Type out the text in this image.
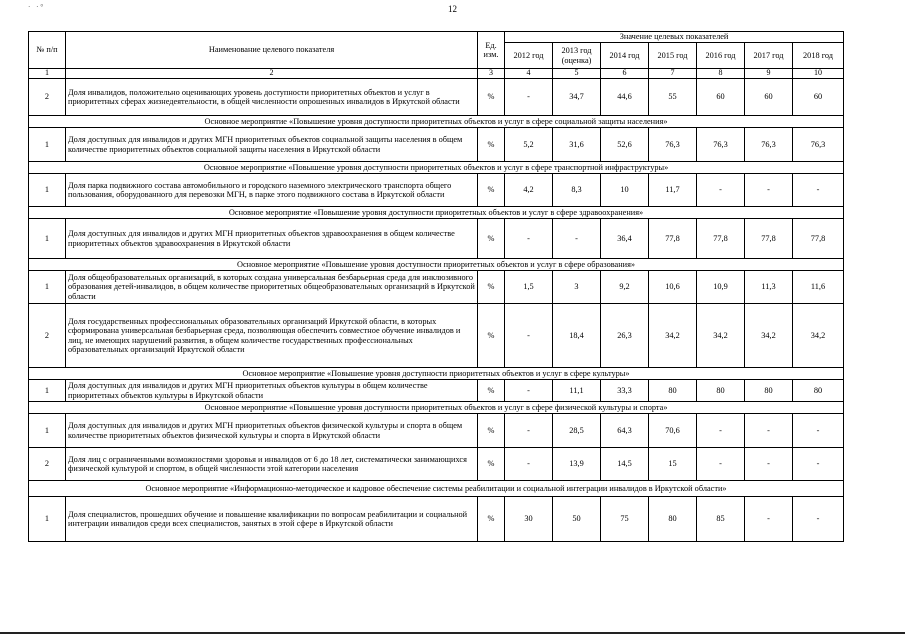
· ·°	12
№ п/п	Наименование целевого показателя	Ед. изм.	Значение целевых показателей						
			2012 год	2013 год (оценка)	2014 год	2015 год	2016 год	2017 год	2018 год
1	2	3	4	5	6	7	8	9	10
2	Доля инвалидов, положительно оценивающих уровень доступности приоритетных объектов и услуг в приоритетных сферах жизнедеятельности, в общей численности опрошенных инвалидов в Иркутской области	%	-	34,7	44,6	55	60	60	60
Основное мероприятие «Повышение уровня доступности приоритетных объектов и услуг в сфере социальной защиты населения»									
1	Доля доступных для инвалидов и других МГН приоритетных объектов социальной защиты населения в общем количестве приоритетных объектов социальной защиты населения в Иркутской области	%	5,2	31,6	52,6	76,3	76,3	76,3	76,3
Основное мероприятие «Повышение уровня доступности приоритетных объектов и услуг в сфере транспортной инфраструктуры»									
1	Доля парка подвижного состава автомобильного и городского наземного электрического транспорта общего пользования, оборудованного для перевозки МГН, в парке этого подвижного состава в Иркутской области	%	4,2	8,3	10	11,7	-	-	-
Основное мероприятие «Повышение уровня доступности приоритетных объектов и услуг в сфере здравоохранения»									
1	Доля доступных для инвалидов и других МГН приоритетных объектов здравоохранения в общем количестве приоритетных объектов здравоохранения в Иркутской области	%	-	-	36,4	77,8	77,8	77,8	77,8
Основное мероприятие «Повышение уровня доступности приоритетных объектов и услуг в сфере образования»									
1	Доля общеобразовательных организаций, в которых создана универсальная безбарьерная среда для инклюзивного образования детей-инвалидов, в общем количестве приоритетных общеобразовательных организаций в Иркутской области	%	1,5	3	9,2	10,6	10,9	11,3	11,6
2	Доля государственных профессиональных образовательных организаций Иркутской области, в которых сформирована универсальная безбарьерная среда, позволяющая обеспечить совместное обучение инвалидов и лиц, не имеющих нарушений развития, в общем количестве государственных профессиональных образовательных организаций Иркутской области	%	-	18,4	26,3	34,2	34,2	34,2	34,2
Основное мероприятие «Повышение уровня доступности приоритетных объектов и услуг в сфере культуры»									
1	Доля доступных для инвалидов и других МГН приоритетных объектов культуры в общем количестве приоритетных объектов культуры в Иркутской области	%	-	11,1	33,3	80	80	80	80
Основное мероприятие «Повышение уровня доступности приоритетных объектов и услуг в сфере физической культуры и спорта»									
1	Доля доступных для инвалидов и других МГН приоритетных объектов физической культуры и спорта в общем количестве приоритетных объектов физической культуры и спорта в Иркутской области	%	-	28,5	64,3	70,6	-	-	-
2	Доля лиц с ограниченными возможностями здоровья и инвалидов от 6 до 18 лет, систематически занимающихся физической культурой и спортом, в общей численности этой категории населения	%	-	13,9	14,5	15	-	-	-
Основное мероприятие «Информационно-методическое и кадровое обеспечение системы реабилитации и социальной интеграции инвалидов в Иркутской области»									
1	Доля специалистов, прошедших обучение и повышение квалификации по вопросам реабилитации и социальной интеграции инвалидов среди всех специалистов, занятых в этой сфере в Иркутской области	%	30	50	75	80	85	-	-
